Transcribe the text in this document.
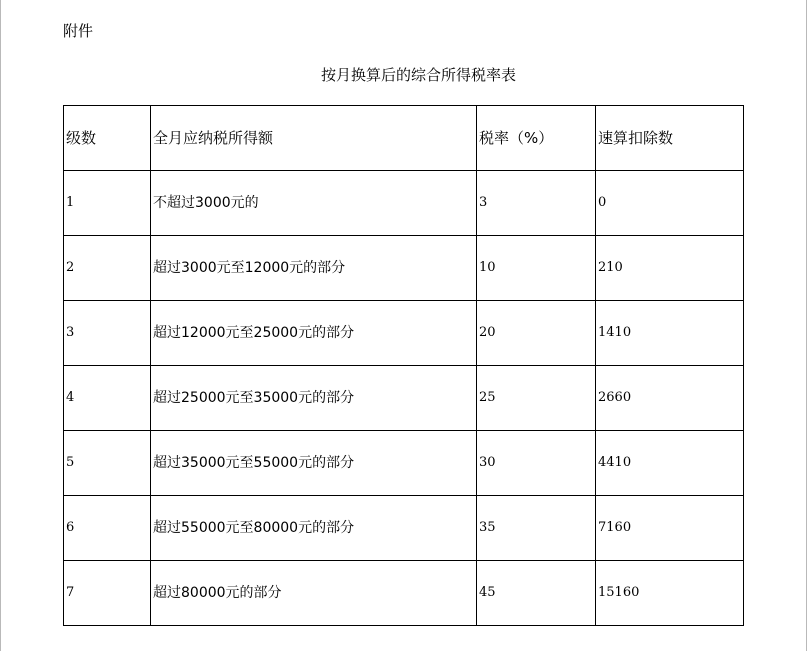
附件
按月换算后的综合所得税率表
级数	全月应纳税所得额	税率（%）	速算扣除数
1	不超过3000元的	3	0
2	超过3000元至12000元的部分	10	210
3	超过12000元至25000元的部分	20	1410
4	超过25000元至35000元的部分	25	2660
5	超过35000元至55000元的部分	30	4410
6	超过55000元至80000元的部分	35	7160
7	超过80000元的部分	45	15160
